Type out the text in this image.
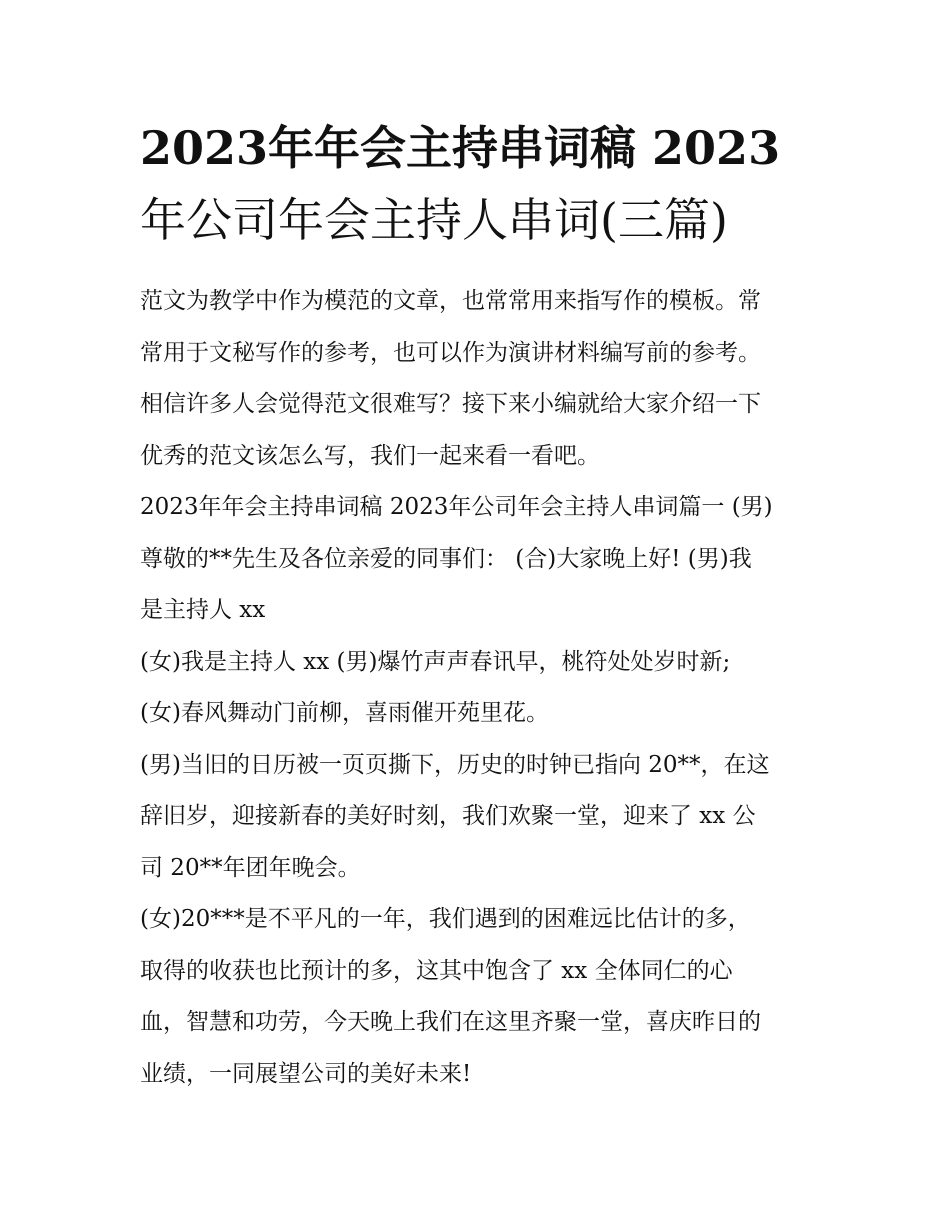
2023年年会主持串词稿 2023
年公司年会主持人串词(三篇)
范文为教学中作为模范的文章，也常常用来指写作的模板。常
常用于文秘写作的参考，也可以作为演讲材料编写前的参考。
相信许多人会觉得范文很难写？接下来小编就给大家介绍一下
优秀的范文该怎么写，我们一起来看一看吧。
2023年年会主持串词稿 2023年公司年会主持人串词篇一 (男)
尊敬的**先生及各位亲爱的同事们： (合)大家晚上好! (男)我
是主持人 xx
(女)我是主持人 xx (男)爆竹声声春讯早，桃符处处岁时新;
(女)春风舞动门前柳，喜雨催开苑里花。
(男)当旧的日历被一页页撕下，历史的时钟已指向 20**，在这
辞旧岁，迎接新春的美好时刻，我们欢聚一堂，迎来了 xx 公
司 20**年团年晚会。
(女)20***是不平凡的一年，我们遇到的困难远比估计的多，
取得的收获也比预计的多，这其中饱含了 xx 全体同仁的心
血，智慧和功劳，今天晚上我们在这里齐聚一堂，喜庆昨日的
业绩，一同展望公司的美好未来!
